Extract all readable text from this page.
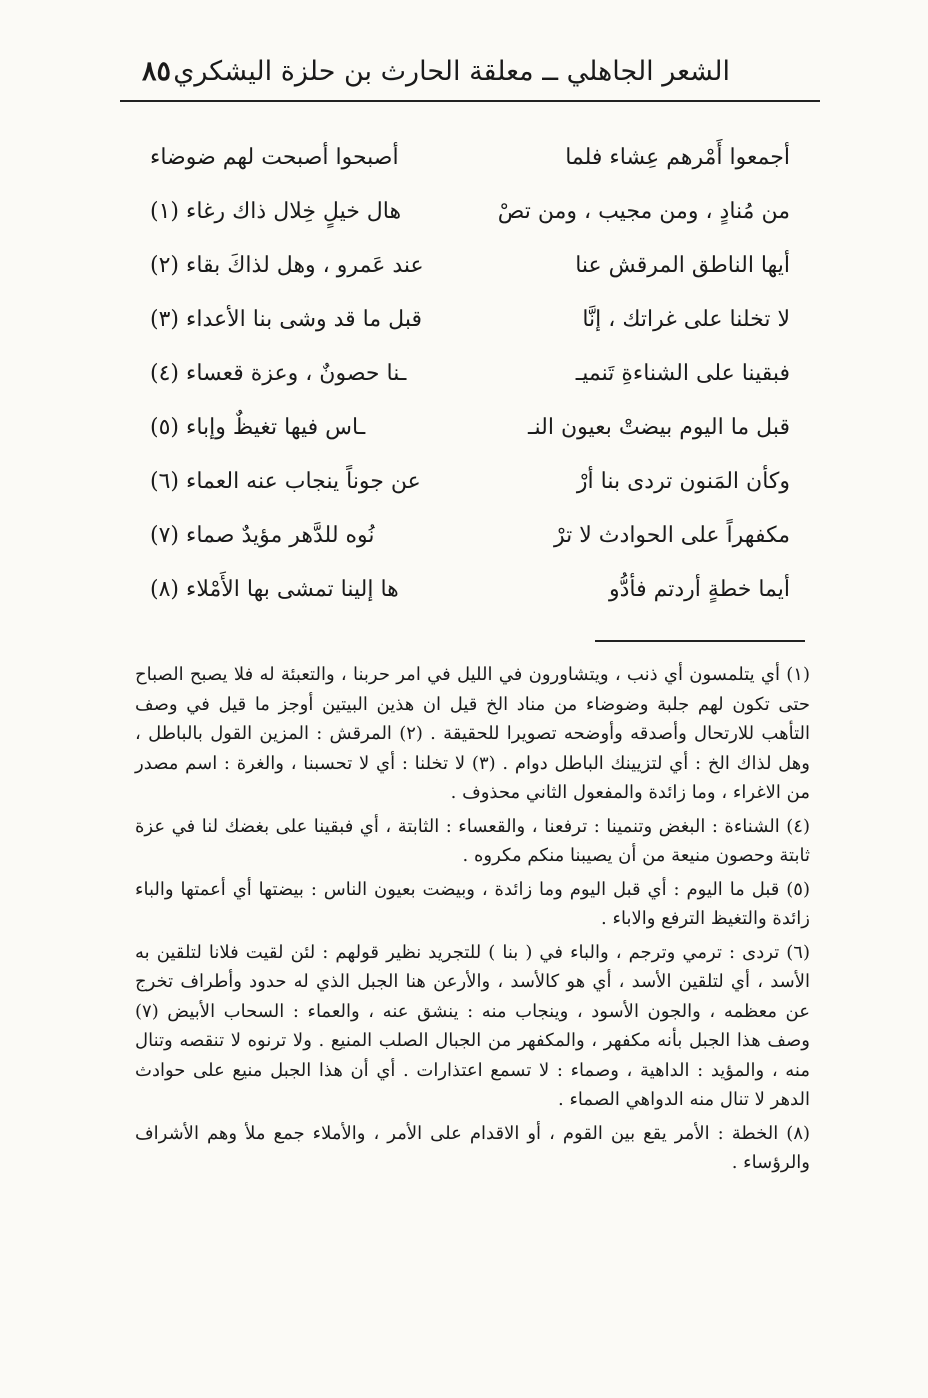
٨٥ الشعر الجاهلي ــ معلقة الحارث بن حلزة اليشكري
أجمعوا أَمْرهم عِشاء فلما
أصبحوا أصبحت لهم ضوضاء
من مُنادٍ ، ومن مجيب ، ومن تصْ
هال خيلٍ خِلال ذاك رغاء (١)
أيها الناطق المرقش عنا
عند عَمرو ، وهل لذاكَ بقاء (٢)
لا تخلنا على غراتك ، إنَّا
قبل ما قد وشى بنا الأعداء (٣)
فبقينا على الشناءةِ تَنميـ
ـنا حصونٌ ، وعزة قعساء (٤)
قبل ما اليوم بيضتْ بعيون النـ
ـاس فيها تغيظٌ وإباء (٥)
وكأن المَنون تردى بنا أرْ
عن جوناً ينجاب عنه العماء (٦)
مكفهراً على الحوادث لا ترْ
نُوه للدَّهر مؤيدٌ صماء (٧)
أيما خطةٍ أردتم فأدُّو
ها إلينا تمشى بها الأَمْلاء (٨)

(١) أي يتلمسون أي ذنب ، ويتشاورون في الليل في امر حربنا ، والتعبئة له فلا يصبح الصباح حتى تكون لهم جلبة وضوضاء من مناد الخ قيل ان هذين البيتين أوجز ما قيل في وصف التأهب للارتحال وأصدقه وأوضحه تصويرا للحقيقة . (٢) المرقش : المزين القول بالباطل ، وهل لذاك الخ : أي لتزيينك الباطل دوام . (٣) لا تخلنا : أي لا تحسبنا ، والغرة : اسم مصدر من الاغراء ، وما زائدة والمفعول الثاني محذوف .

(٤) الشناءة : البغض وتنمينا : ترفعنا ، والقعساء : الثابتة ، أي فبقينا على بغضك لنا في عزة ثابتة وحصون منيعة من أن يصيبنا منكم مكروه .

(٥) قبل ما اليوم : أي قبل اليوم وما زائدة ، وبيضت بعيون الناس : بيضتها أي أعمتها والباء زائدة والتغيظ الترفع والاباء .

(٦) تردى : ترمي وترجم ، والباء في ( بنا ) للتجريد نظير قولهم : لئن لقيت فلانا لتلقين به الأسد ، أي لتلقين الأسد ، أي هو كالأسد ، والأرعن هنا الجبل الذي له حدود وأطراف تخرج عن معظمه ، والجون الأسود ، وينجاب منه : ينشق عنه ، والعماء : السحاب الأبيض (٧) وصف هذا الجبل بأنه مكفهر ، والمكفهر من الجبال الصلب المنيع . ولا ترنوه لا تنقصه وتنال منه ، والمؤيد : الداهية ، وصماء : لا تسمع اعتذارات . أي أن هذا الجبل منيع على حوادث الدهر لا تنال منه الدواهي الصماء .

(٨) الخطة : الأمر يقع بين القوم ، أو الاقدام على الأمر ، والأملاء جمع ملأ وهم الأشراف والرؤساء .
